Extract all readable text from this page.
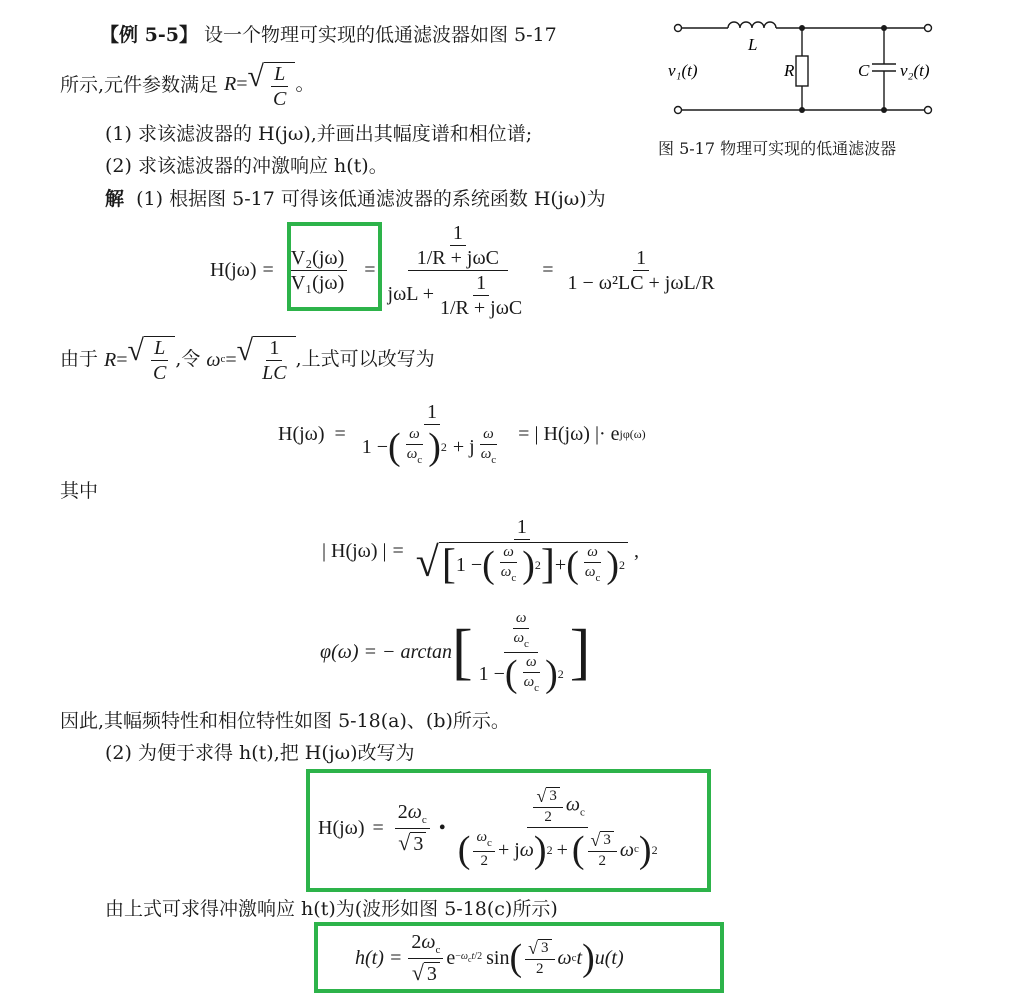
【例 5-5】 设一个物理可实现的低通滤波器如图 5-17
所示,元件参数满足 R= √ $\frac{L}{C}$ 。
(1) 求该滤波器的 H(jω),并画出其幅度谱和相位谱;
(2) 求该滤波器的冲激响应 h(t)。
L
R	C
v₁(t)	v₂(t)
图 5-17 物理可实现的低通滤波器
解 (1) 根据图 5-17 可得该低通滤波器的系统函数 H(jω)为
$H(j\omega) = \frac{\text{V₂(jω)}}{\text{V₁(jω)}} = \frac{\frac{1}{\text{1/R + jωC}}}{j\omega L + \frac{1}{\text{1/R + jωC}}} = \frac{1}{\text{1 − ω²LC + jωL/R}}$
由于 R = √ $\frac{L}{C}$ ,令 ω c = √ $\frac{1}{LC}$ ,上式可以改写为
$H(j\omega) = \frac{1}{1 - ( \frac{\omega}{\omega_c} ) 2 + j \frac{\omega}{\omega_c}}$ = | H(jω) |· e jφ(ω)
其中
| H(jω) | = $\frac{1}{√ [ 1 - ( \frac{\omega}{\omega_c} ) 2 ] + ( \frac{\omega}{\omega_c} ) 2}$ ,
φ(ω) = − arctan [ $\frac{\frac{\omega}{\omega_c}}{1 - ( \frac{\omega}{\omega_c} ) 2}$ ]
因此,其幅频特性和相位特性如图 5-18(a)、(b)所示。
(2) 为便于求得 h(t),把 H(jω)改写为
$H(j\omega) = \frac{2\omega_c}{√ 3}$ • $\frac{\frac{√ 3}{2} \omega_c}{( \frac{\omega_c}{2} + j \omega ) 2 + ( \frac{√ 3}{2} \omega c ) 2}$
由上式可求得冲激响应 h(t)为(波形如图 5-18(c)所示)
$h(t) = \frac{2\omega_c}{√ 3}$ $e -\omega_ct/2$ sin ( $\frac{√ 3}{2}$ ω c t ) u(t)
